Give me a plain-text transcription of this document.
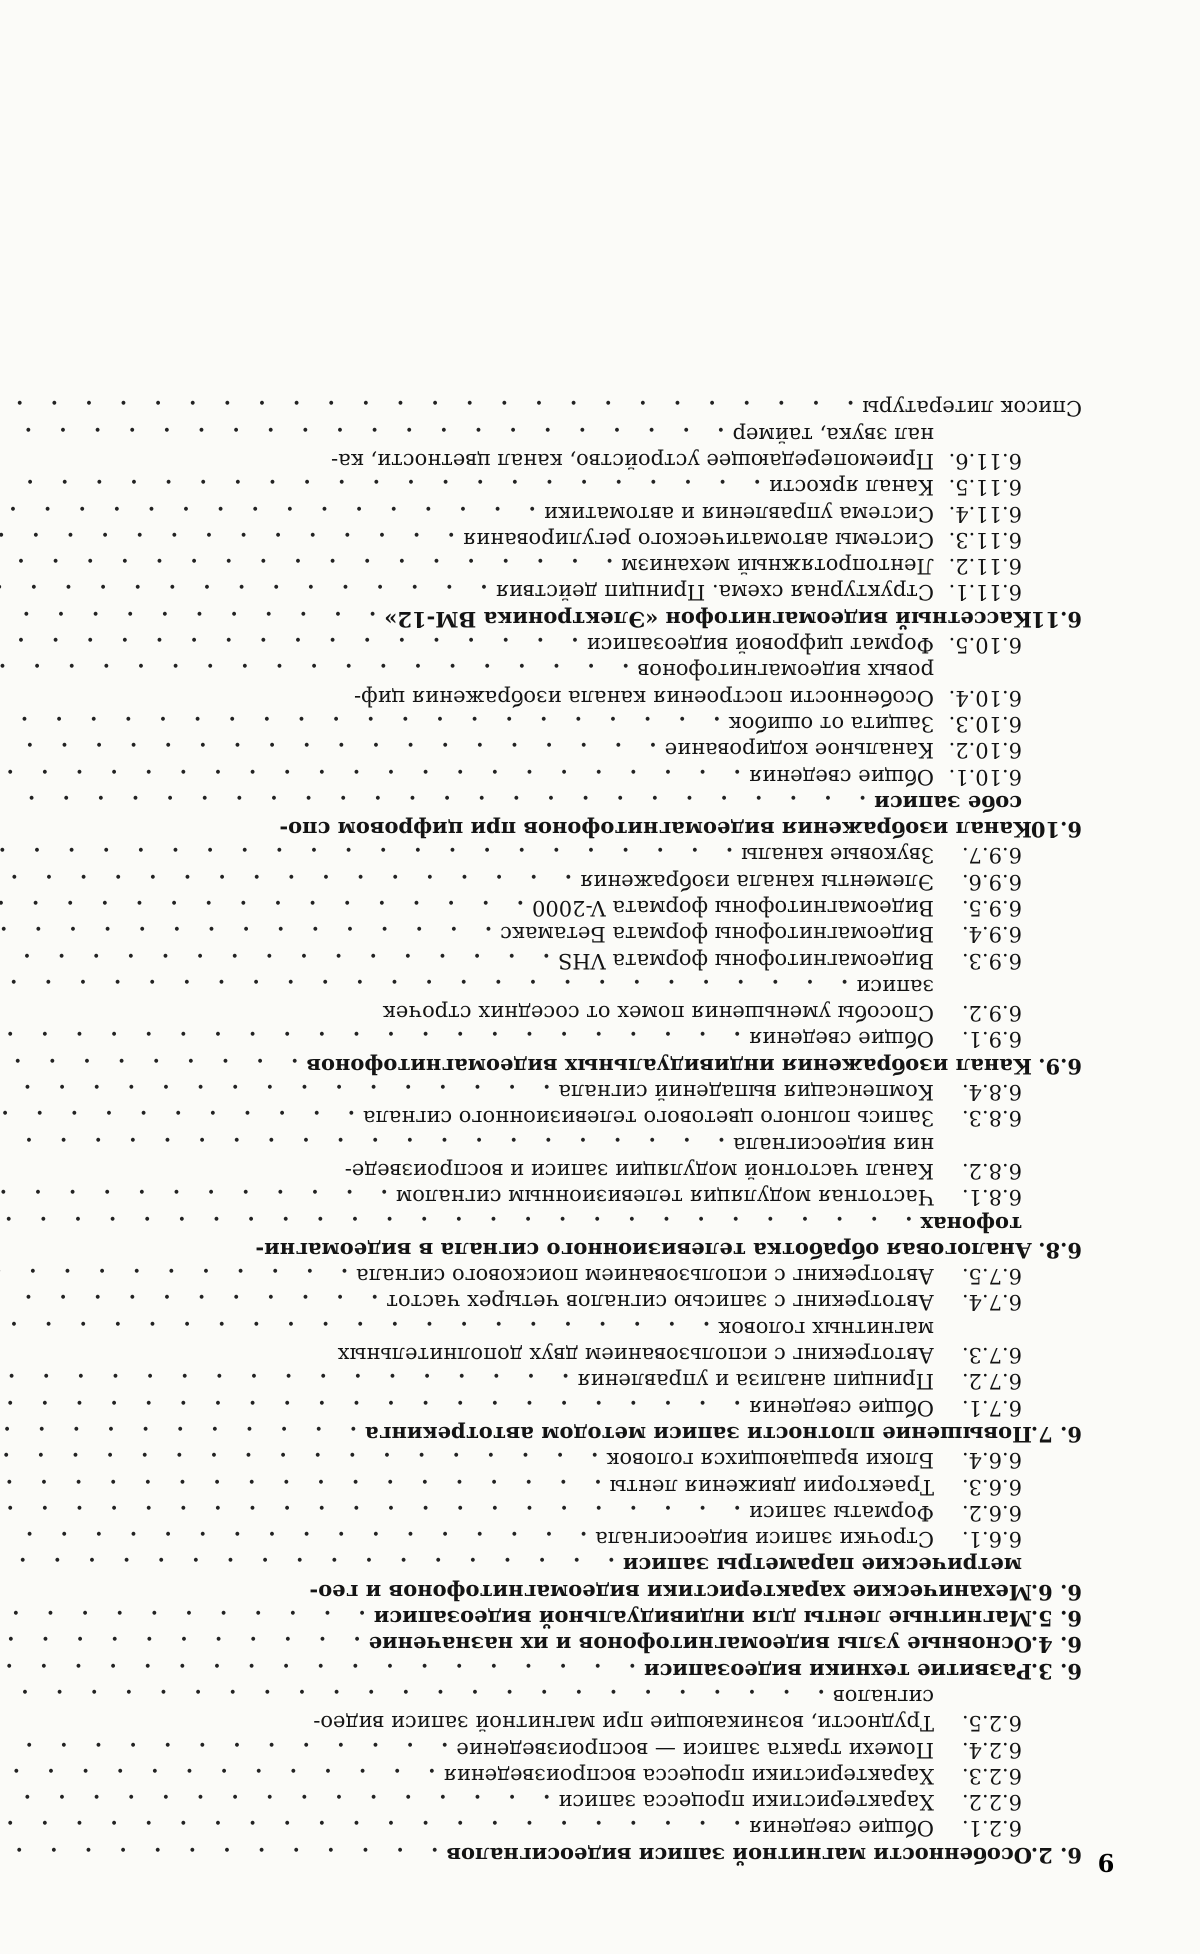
6. 2.
Особенности магнитной записи видеосигналов
. . . . . . . . . . . . .
6.2.1.
Общие сведения
. . . . . . . . . . . . . . . . . . . . .
6.2.2.
Характеристики процесса записи
. . . . . . . . . . . . . . . .
6.2.3.
Характеристики процесса воспроизведения
. . . . . . . . . . . . .
6.2.4.
Помехи тракта записи — воспроизведение
. . . . . . . . . . . . .
6.2.5.
Трудности, возникающие при магнитной записи видео-
сигналов
. . . . . . . . . . . . . . . . . . . . . . . .
6. 3.
Развитие техники видеозаписи
. . . . . . . . . . . . . . . . . .
6. 4.
Основные узлы видеомагнитофонов и их назначение
. . . . . . . . . .
6. 5.
Магнитные ленты для индивидуальной видеозаписи
. . . . . . . . . . .
6. 6.
Механические характеристики видеомагнитофонов и гео-
метрические параметры записи
. . . . . . . . . . . . . . . . . .
6.6.1.
Строчки записи видеосигнала
. . . . . . . . . . . . . . . . .
6.6.2.
Форматы записи
. . . . . . . . . . . . . . . . . . . . .
6.6.3.
Траектории движения ленты
. . . . . . . . . . . . . . . . .
6.6.4.
Блоки вращающихся головок
. . . . . . . . . . . . . . . . .
6. 7.
Повышение плотности записи методом автотрекинга
. . . . . . . . . .
6.7.1.
Общие сведения
. . . . . . . . . . . . . . . . . . . . .
6.7.2.
Принцип анализа и управления
. . . . . . . . . . . . . . . .
6.7.3.
Автотрекинг с использованием двух дополнительных
магнитных головок
. . . . . . . . . . . . . . . . . . . . .
6.7.4.
Автотрекинг с записью сигналов четырех частот
. . . . . . . . . . .
6.7.5.
Автотрекинг с использованием поискового сигнала
. . . . . . . . . .
6.8.
Аналоговая обработка телевизионного сигнала в видеомагни-
тофонах
. . . . . . . . . . . . . . . . . . . . . . . . . .
6.8.1.
Частотная модуляция телевизионным сигналом
. . . . . . . . . . .
6.8.2.
Канал частотной модуляции записи и воспроизведе-
ния видеосигнала
. . . . . . . . . . . . . . . . . . . . .
6.8.3.
Запись полного цветового телевизионного сигнала
. . . . . . . . . .
6.8.4.
Компенсация выпадений сигнала
. . . . . . . . . . . . . . . .
6.9.
Канал изображения индивидуальных видеомагнитофонов
. . . . . . . . .
6.9.1.
Общие сведения
. . . . . . . . . . . . . . . . . . . . .
6.9.2.
Способы уменьшения помех от соседних строчек
записи
. . . . . . . . . . . . . . . . . . . . . . . . .
6.9.3.
Видеомагнитофоны формата VHS
. . . . . . . . . . . . . . . .
6.9.4.
Видеомагнитофоны формата Бетамакс
. . . . . . . . . . . . . .
6.9.5.
Видеомагнитофоны формата V-2000
. . . . . . . . . . . . . . .
6.9.6.
Элементы канала изображения
. . . . . . . . . . . . . . . . .
6.9.7.
Звуковые каналы
. . . . . . . . . . . . . . . . . . . . .
6.10.
Канал изображения видеомагнитофонов при цифровом спо-
собе записи
. . . . . . . . . . . . . . . . . . . . . . . . .
6.10.1.
Общие сведения
. . . . . . . . . . . . . . . . . . . . .
6.10.2.
Канальное кодирование
. . . . . . . . . . . . . . . . . . .
6.10.3.
Защита от ошибок
. . . . . . . . . . . . . . . . . . . . .
6.10.4.
Особенности построения канала изображения циф-
ровых видеомагнитофонов
. . . . . . . . . . . . . . . . . .
6.10.5.
Формат цифровой видеозаписи
. . . . . . . . . . . . . . . . .
6.11.
Кассетный видеомагнитофон «Электроника ВМ-12»
. . . . . . . . . . .
6.11.1.
Структурная схема. Принцип действия
. . . . . . . . . . . . . .
6.11.2.
Лентопротяжный механизм
. . . . . . . . . . . . . . . . . .
6.11.3.
Системы автоматического регулирования
. . . . . . . . . . . . .
6.11.4.
Система управления и автоматики
. . . . . . . . . . . . . . . .
6.11.5.
Канал яркости
. . . . . . . . . . . . . . . . . . . . . .
6.11.6.
Приемопередающее устройство, канал цветности, ка-
нал звука, таймер
. . . . . . . . . . . . . . . . . . . . .
Список литературы
. . . . . . . . . . . . . . . . . . . . . . . . .
9
